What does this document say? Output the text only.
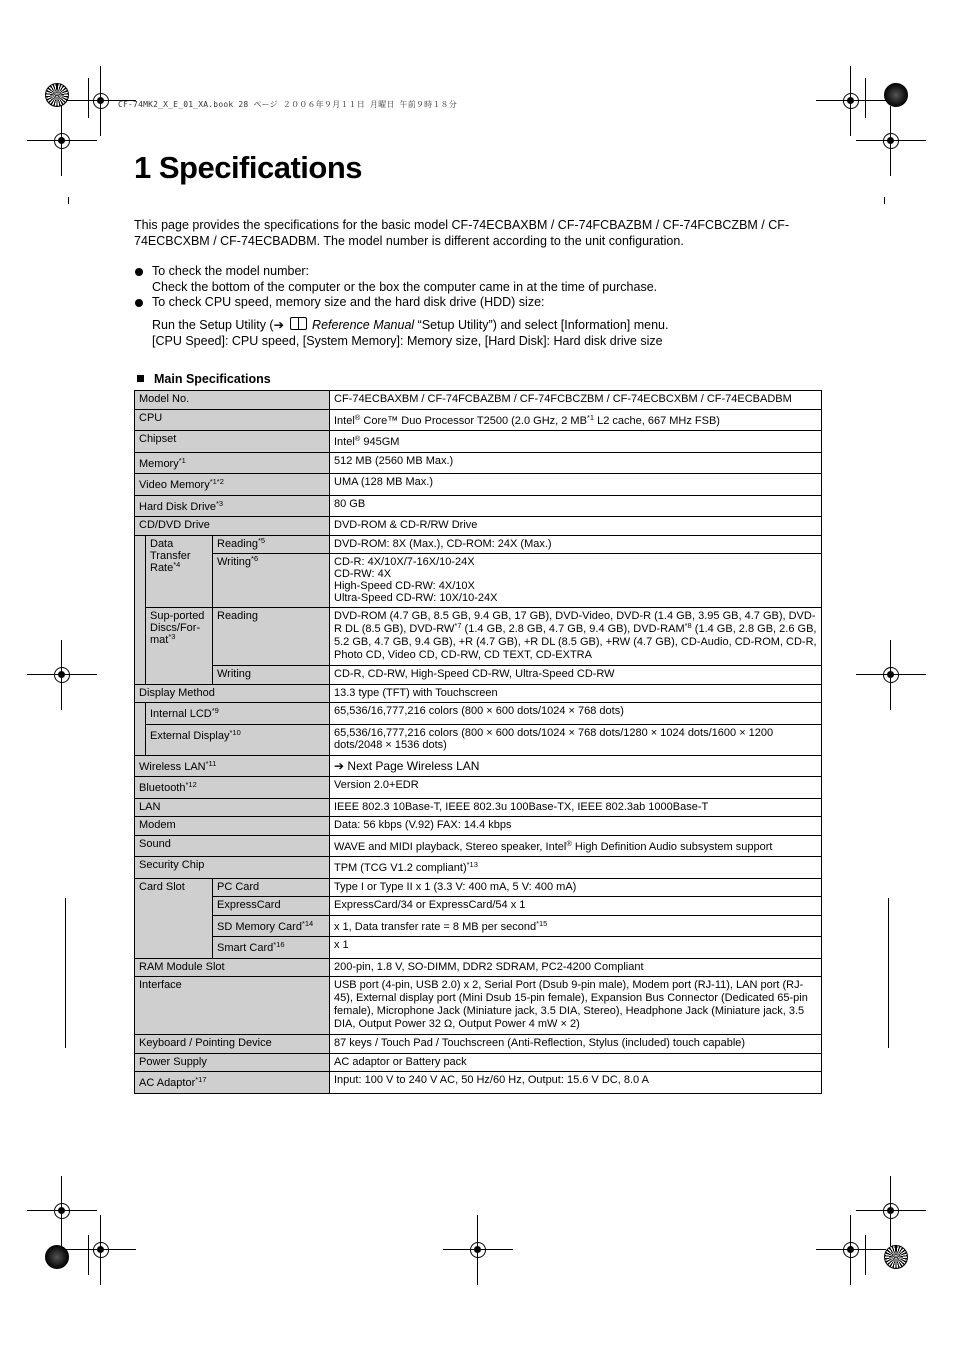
CF-74MK2_X_E_01_XA.book 28 ページ ２００６年９月１１日 月曜日 午前９時１８分
1 Specifications
This page provides the specifications for the basic model CF-74ECBAXBM / CF-74FCBAZBM / CF-74FCBCZBM / CF-74ECBCXBM / CF-74ECBADBM. The model number is different according to the unit configuration.
To check the model number:
Check the bottom of the computer or the box the computer came in at the time of purchase.
To check CPU speed, memory size and the hard disk drive (HDD) size:
Run the Setup Utility (➔ Reference Manual “Setup Utility”) and select [Information] menu.
[CPU Speed]: CPU speed, [System Memory]: Memory size, [Hard Disk]: Hard disk drive size
Main Specifications
Model No.			CF-74ECBAXBM / CF-74FCBAZBM / CF-74FCBCZBM / CF-74ECBCXBM / CF-74ECBADBM
CPU			Intel® Core™ Duo Processor T2500 (2.0 GHz, 2 MB$^{*1}$ L2 cache, 667 MHz FSB)
Chipset			Intel® 945GM
Memory$^{*1}$			512 MB (2560 MB Max.)
Video Memory$^{*1*2}$			UMA (128 MB Max.)
Hard Disk Drive$^{*3}$			80 GB
CD/DVD Drive			DVD-ROM & CD-R/RW Drive
	Data Transfer Rate$^{*4}$	Reading$^{*5}$	DVD-ROM: 8X (Max.), CD-ROM: 24X (Max.)
		Writing$^{*6}$	CD-R: 4X/10X/7-16X/10-24X
CD-RW: 4X
High-Speed CD-RW: 4X/10X
Ultra-Speed CD-RW: 10X/10-24X

	Sup-ported Discs/For-mat$^{*3}$	Reading	DVD-ROM (4.7 GB, 8.5 GB, 9.4 GB, 17 GB), DVD-Video, DVD-R (1.4 GB, 3.95 GB, 4.7 GB), DVD-R DL (8.5 GB), DVD-RW$^{*7}$ (1.4 GB, 2.8 GB, 4.7 GB, 9.4 GB), DVD-RAM$^{*8}$ (1.4 GB, 2.8 GB, 2.6 GB, 5.2 GB, 4.7 GB, 9.4 GB), +R (4.7 GB), +R DL (8.5 GB), +RW (4.7 GB), CD-Audio, CD-ROM, CD-R, Photo CD, Video CD, CD-RW, CD TEXT, CD-EXTRA
		Writing	CD-R, CD-RW, High-Speed CD-RW, Ultra-Speed CD-RW
Display Method			13.3 type (TFT) with Touchscreen
	Internal LCD$^{*9}$		65,536/16,777,216 colors (800 × 600 dots/1024 × 768 dots)
	External Display$^{*10}$		65,536/16,777,216 colors (800 × 600 dots/1024 × 768 dots/1280 × 1024 dots/1600 × 1200 dots/2048 × 1536 dots)
Wireless LAN$^{*11}$			➔ Next Page Wireless LAN
Bluetooth$^{*12}$			Version 2.0+EDR
LAN			IEEE 802.3 10Base-T, IEEE 802.3u 100Base-TX, IEEE 802.3ab 1000Base-T
Modem			Data: 56 kbps (V.92) FAX: 14.4 kbps
Sound			WAVE and MIDI playback, Stereo speaker, Intel® High Definition Audio subsystem support
Security Chip			TPM (TCG V1.2 compliant)$^{*13}$
Card Slot		PC Card	Type I or Type II x 1 (3.3 V: 400 mA, 5 V: 400 mA)
		ExpressCard	ExpressCard/34 or ExpressCard/54 x 1
		SD Memory Card$^{*14}$	x 1, Data transfer rate = 8 MB per second$^{*15}$
		Smart Card$^{*16}$	x 1
RAM Module Slot			200-pin, 1.8 V, SO-DIMM, DDR2 SDRAM, PC2-4200 Compliant
Interface			USB port (4-pin, USB 2.0) x 2, Serial Port (Dsub 9-pin male), Modem port (RJ-11), LAN port (RJ-45), External display port (Mini Dsub 15-pin female), Expansion Bus Connector (Dedicated 65-pin female), Microphone Jack (Miniature jack, 3.5 DIA, Stereo), Headphone Jack (Miniature jack, 3.5 DIA, Output Power 32 Ω, Output Power 4 mW × 2)
Keyboard / Pointing Device			87 keys / Touch Pad / Touchscreen (Anti-Reflection, Stylus (included) touch capable)
Power Supply			AC adaptor or Battery pack
AC Adaptor$^{*17}$			Input: 100 V to 240 V AC, 50 Hz/60 Hz, Output: 15.6 V DC, 8.0 A
